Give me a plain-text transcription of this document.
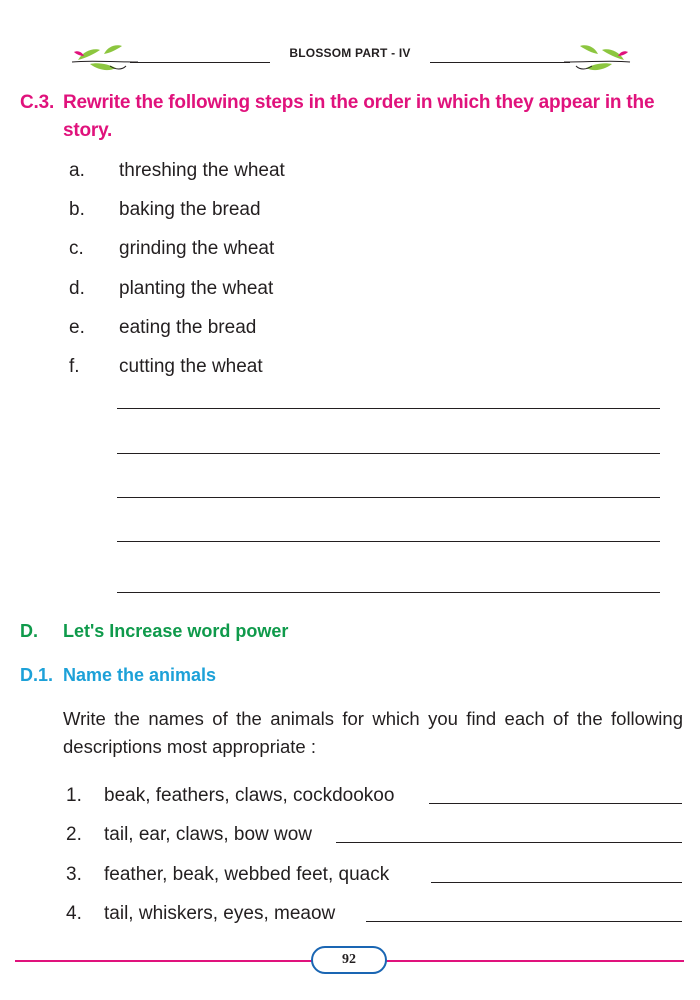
BLOSSOM PART - IV
C.3. Rewrite the following steps in the order in which they appear in the story.
a.	threshing the wheat
b.	baking the bread
c.	grinding the wheat
d.	planting the wheat
e.	eating the bread
f.	cutting the wheat
D. Let's Increase word power
D.1. Name the animals
Write the names of the animals for which you find each of the following descriptions most appropriate :
1. beak, feathers, claws, cockdookoo
2. tail, ear, claws, bow wow
3. feather, beak, webbed feet, quack
4. tail, whiskers, eyes, meaow
92
